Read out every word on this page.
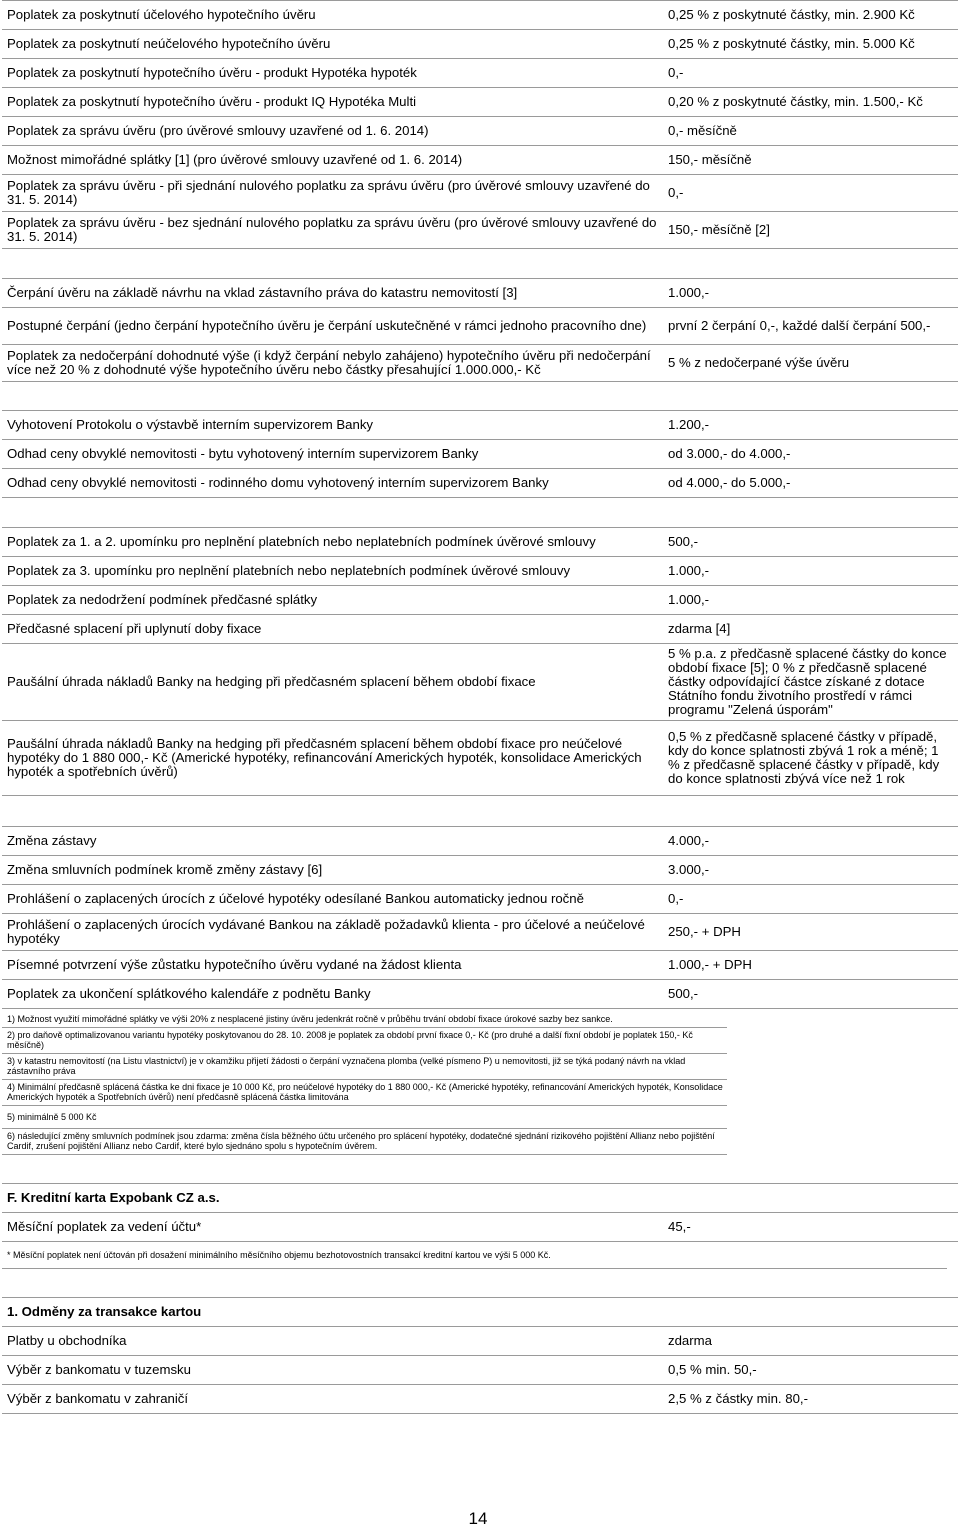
Poplatek za poskytnutí účelového hypotečního úvěru	0,25 % z poskytnuté částky, min. 2.900 Kč
Poplatek za poskytnutí neúčelového hypotečního úvěru	0,25 % z poskytnuté částky, min. 5.000 Kč
Poplatek za poskytnutí hypotečního úvěru - produkt Hypotéka hypoték	0,-
Poplatek za poskytnutí hypotečního úvěru - produkt IQ Hypotéka Multi	0,20 % z poskytnuté částky, min. 1.500,- Kč
Poplatek za správu úvěru (pro úvěrové smlouvy uzavřené od 1. 6. 2014)	0,- měsíčně
Možnost mimořádné splátky [1] (pro úvěrové smlouvy uzavřené od 1. 6. 2014)	150,- měsíčně
Poplatek za správu úvěru - při sjednání nulového poplatku za správu úvěru (pro úvěrové smlouvy uzavřené do 31. 5. 2014)	0,-
Poplatek za správu úvěru - bez sjednání nulového poplatku za správu úvěru (pro úvěrové smlouvy uzavřené do 31. 5. 2014)	150,- měsíčně [2]
Čerpání úvěru na základě návrhu na vklad zástavního práva do katastru nemovitostí [3]	1.000,-
Postupné čerpání (jedno čerpání hypotečního úvěru je čerpání uskutečněné v rámci jednoho pracovního dne)	první 2 čerpání 0,-, každé další čerpání 500,-
Poplatek za nedočerpání dohodnuté výše (i když čerpání nebylo zahájeno) hypotečního úvěru při nedočerpání více než 20 % z dohodnuté výše hypotečního úvěru nebo částky přesahující 1.000.000,- Kč	5 % z nedočerpané výše úvěru
Vyhotovení Protokolu o výstavbě interním supervizorem Banky	1.200,-
Odhad ceny obvyklé nemovitosti - bytu vyhotovený interním supervizorem Banky	od 3.000,- do 4.000,-
Odhad ceny obvyklé nemovitosti - rodinného domu vyhotovený interním supervizorem Banky	od 4.000,- do 5.000,-
Poplatek za 1. a 2. upomínku pro neplnění platebních nebo neplatebních podmínek úvěrové smlouvy	500,-
Poplatek za 3. upomínku pro neplnění platebních nebo neplatebních podmínek úvěrové smlouvy	1.000,-
Poplatek za nedodržení podmínek předčasné splátky	1.000,-
Předčasné splacení při uplynutí doby fixace	zdarma [4]
Paušální úhrada nákladů Banky na hedging při předčasném splacení během období fixace	5 % p.a. z předčasně splacené částky do konce období fixace [5]; 0 % z předčasně splacené částky odpovídající částce získané z dotace Státního fondu životního prostředí v rámci programu "Zelená úsporám"
Paušální úhrada nákladů Banky na hedging při předčasném splacení během období fixace pro neúčelové hypotéky do 1 880 000,- Kč (Americké hypotéky, refinancování Amerických hypoték, konsolidace Amerických hypoték a spotřebních úvěrů)	0,5 % z předčasně splacené částky v případě, kdy do konce splatnosti zbývá 1 rok a méně; 1 % z předčasně splacené částky v případě, kdy do konce splatnosti zbývá více než 1 rok
Změna zástavy	4.000,-
Změna smluvních podmínek kromě změny zástavy [6]	3.000,-
Prohlášení o zaplacených úrocích z účelové hypotéky odesílané Bankou automaticky jednou ročně	0,-
Prohlášení o zaplacených úrocích vydávané Bankou na základě požadavků klienta - pro účelové a neúčelové hypotéky	250,- + DPH
Písemné potvrzení výše zůstatku hypotečního úvěru vydané na žádost klienta	1.000,- + DPH
Poplatek za ukončení splátkového kalendáře z podnětu Banky	500,-
1) Možnost využití mimořádné splátky ve výši 20% z nesplacené jistiny úvěru jedenkrát ročně v průběhu trvání období fixace úrokové sazby bez sankce.
2) pro daňově optimalizovanou variantu hypotéky poskytovanou do 28. 10. 2008 je poplatek za období první fixace 0,- Kč (pro druhé a další fixní období je poplatek 150,- Kč měsíčně)
3) v katastru nemovitostí (na Listu vlastnictví) je v okamžiku přijetí žádosti o čerpání vyznačena plomba (velké písmeno P) u nemovitosti, již se týká podaný návrh na vklad zástavního práva
4) Minimální předčasně splácená částka ke dni fixace je 10 000 Kč, pro neúčelové hypotéky do 1 880 000,- Kč (Americké hypotéky, refinancování Amerických hypoték, Konsolidace Amerických hypoték a Spotřebních úvěrů) není předčasně splácená částka limitována
5) minimálně 5 000 Kč
6) následující změny smluvních podmínek jsou zdarma: změna čísla běžného účtu určeného pro splácení hypotéky, dodatečné sjednání rizikového pojištění Allianz nebo pojištění Cardif, zrušení pojištění Allianz nebo Cardif, které bylo sjednáno spolu s hypotečním úvěrem.
F. Kreditní karta Expobank CZ a.s.
Měsíční poplatek za vedení účtu*	45,-
* Měsíční poplatek není účtován při dosažení minimálního měsíčního objemu bezhotovostních transakcí kreditní kartou ve výši 5 000 Kč.
1. Odměny za transakce kartou	
Platby u obchodníka	zdarma
Výběr z bankomatu v tuzemsku	0,5 % min. 50,-
Výběr z bankomatu v zahraničí	2,5 % z částky min. 80,-
14
